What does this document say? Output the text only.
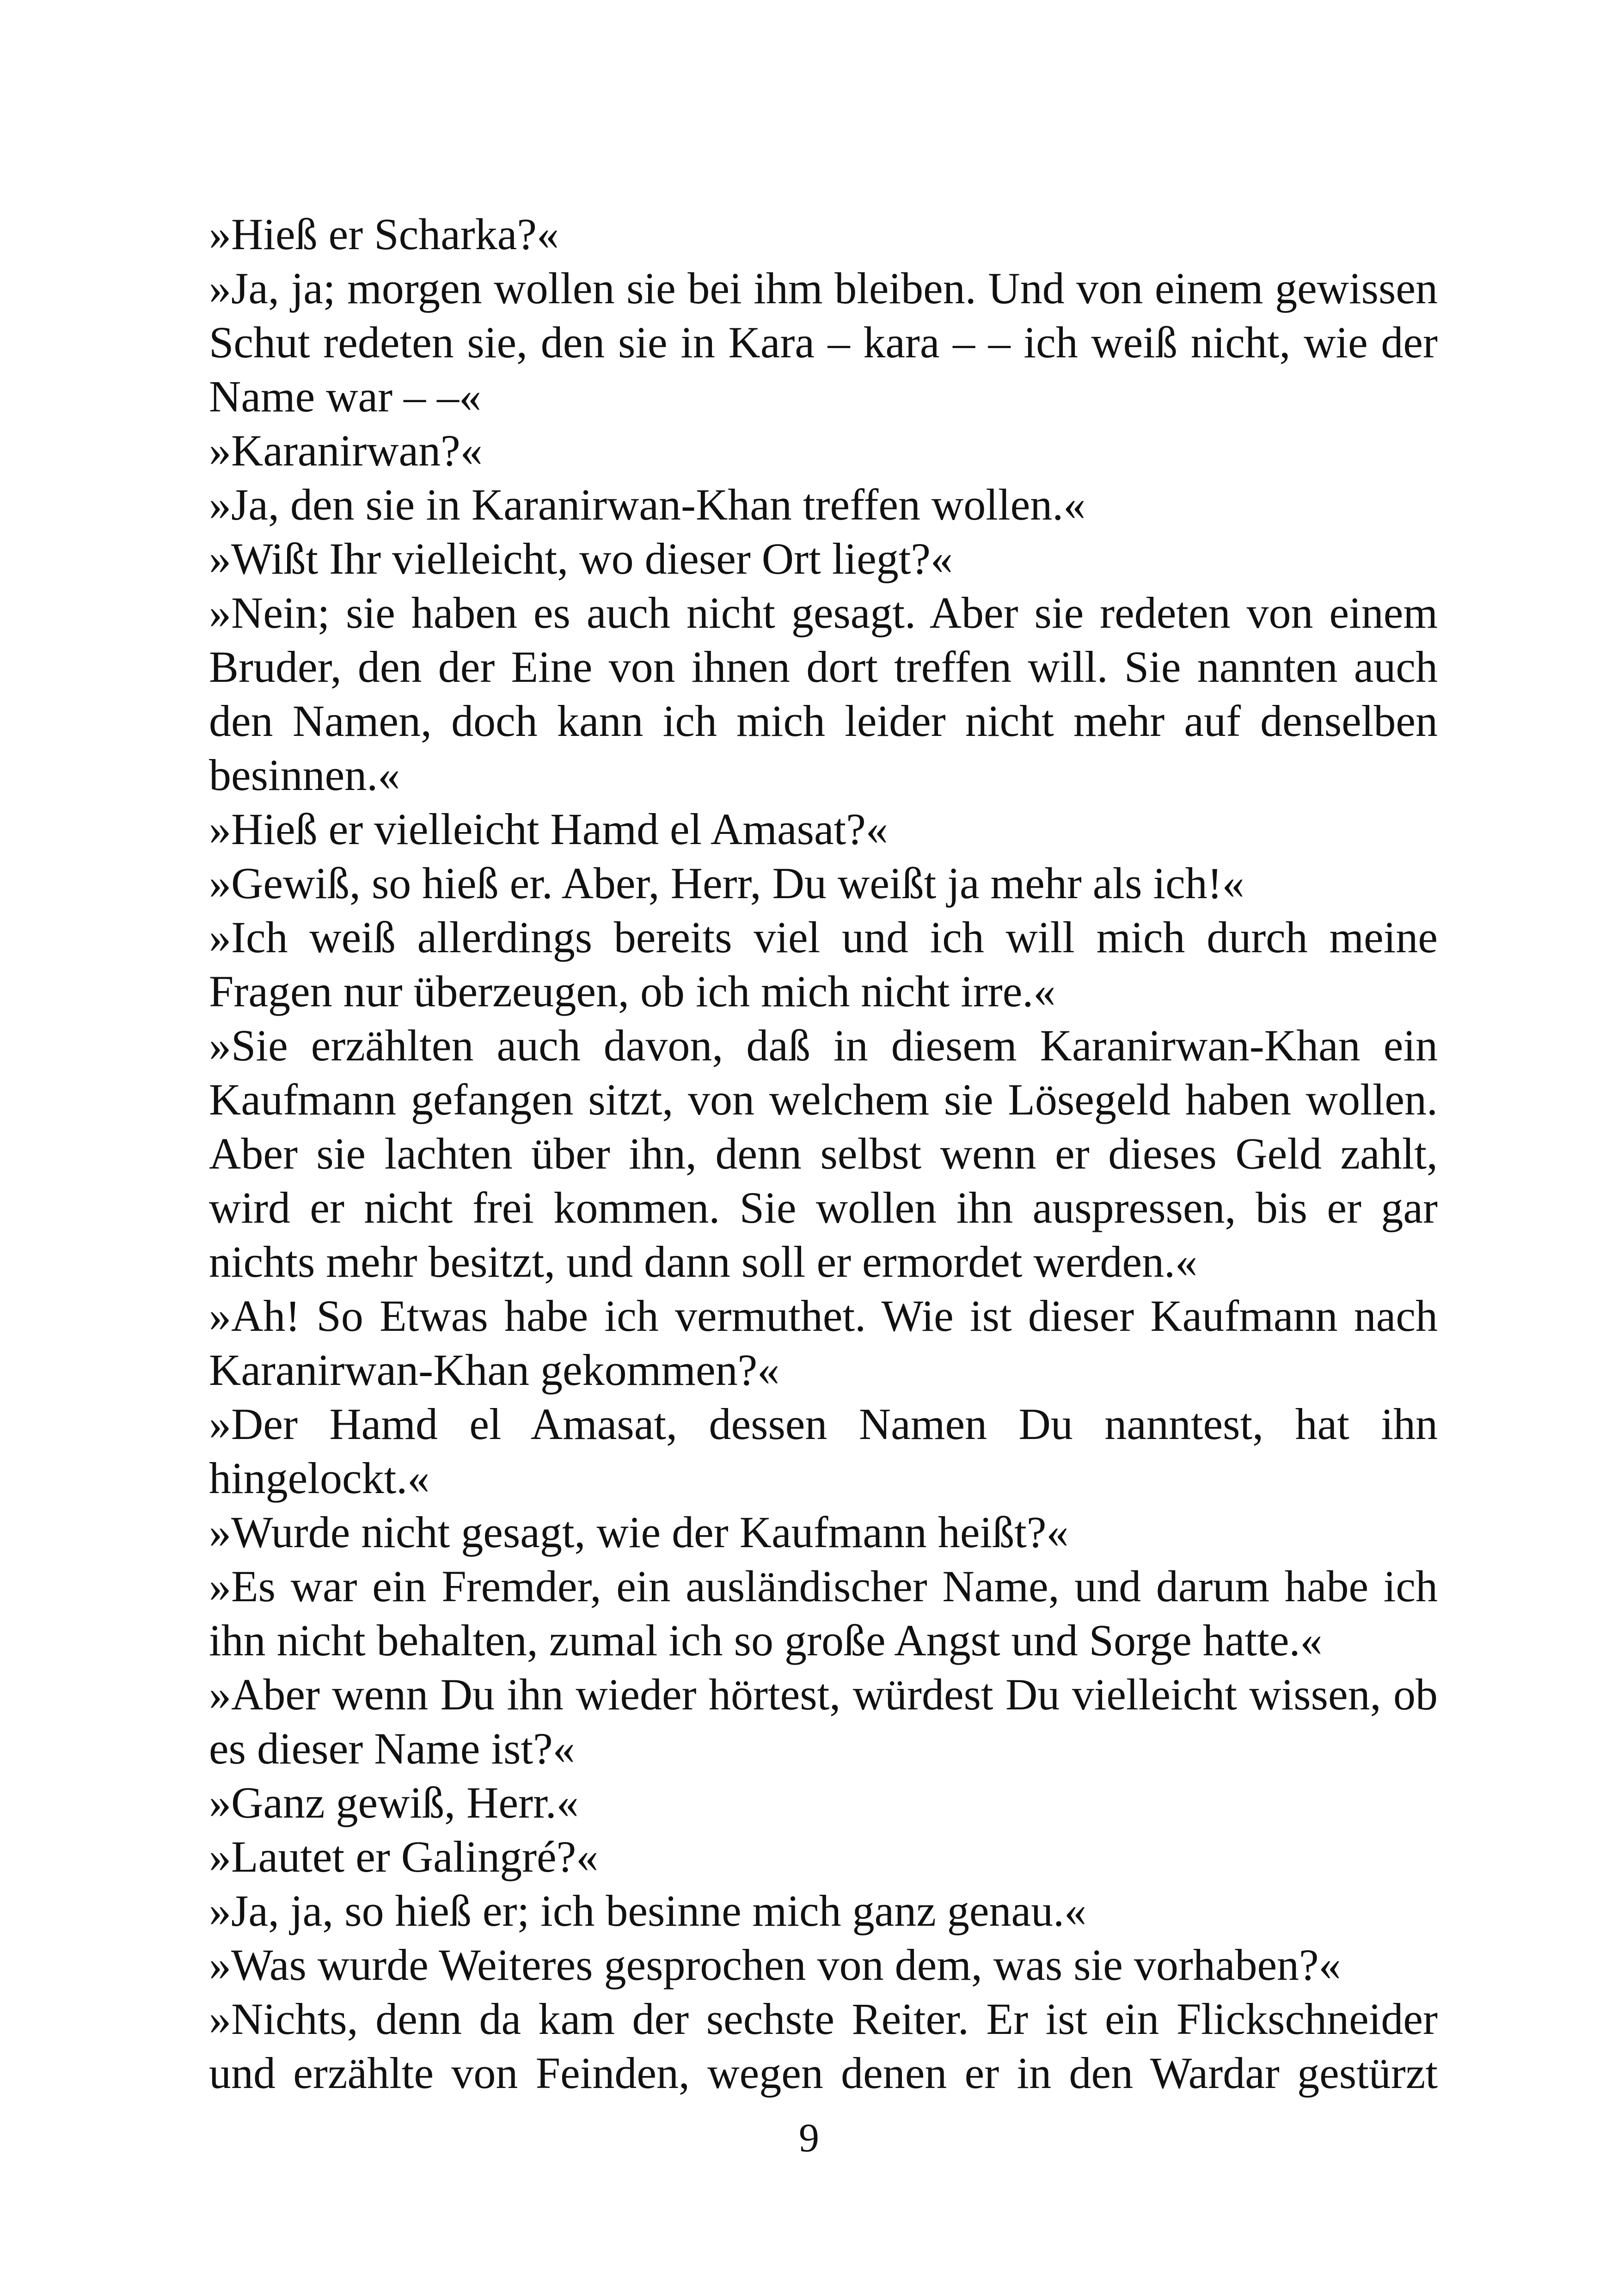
»Hieß er Scharka?«

»Ja, ja; morgen wollen sie bei ihm bleiben. Und von einem gewissen Schut redeten sie, den sie in Kara – kara – – ich weiß nicht, wie der Name war – –«

»Karanirwan?«

»Ja, den sie in Karanirwan-Khan treffen wollen.«

»Wißt Ihr vielleicht, wo dieser Ort liegt?«

»Nein; sie haben es auch nicht gesagt. Aber sie redeten von einem Bruder, den der Eine von ihnen dort treffen will. Sie nannten auch den Namen, doch kann ich mich leider nicht mehr auf denselben besinnen.«

»Hieß er vielleicht Hamd el Amasat?«

»Gewiß, so hieß er. Aber, Herr, Du weißt ja mehr als ich!«

»Ich weiß allerdings bereits viel und ich will mich durch meine Fragen nur überzeugen, ob ich mich nicht irre.«

»Sie erzählten auch davon, daß in diesem Karanirwan-Khan ein Kaufmann gefangen sitzt, von welchem sie Lösegeld haben wollen. Aber sie lachten über ihn, denn selbst wenn er dieses Geld zahlt, wird er nicht frei kommen. Sie wollen ihn auspressen, bis er gar nichts mehr besitzt, und dann soll er ermordet werden.«

»Ah! So Etwas habe ich vermuthet. Wie ist dieser Kaufmann nach Karanirwan-Khan gekommen?«

»Der Hamd el Amasat, dessen Namen Du nanntest, hat ihn hingelockt.«

»Wurde nicht gesagt, wie der Kaufmann heißt?«

»Es war ein Fremder, ein ausländischer Name, und darum habe ich ihn nicht behalten, zumal ich so große Angst und Sorge hatte.«

»Aber wenn Du ihn wieder hörtest, würdest Du vielleicht wissen, ob es dieser Name ist?«

»Ganz gewiß, Herr.«

»Lautet er Galingré?«

»Ja, ja, so hieß er; ich besinne mich ganz genau.«

»Was wurde Weiteres gesprochen von dem, was sie vorhaben?«

»Nichts, denn da kam der sechste Reiter. Er ist ein Flickschneider und erzählte von Feinden, wegen denen er in den Wardar gestürzt

9
